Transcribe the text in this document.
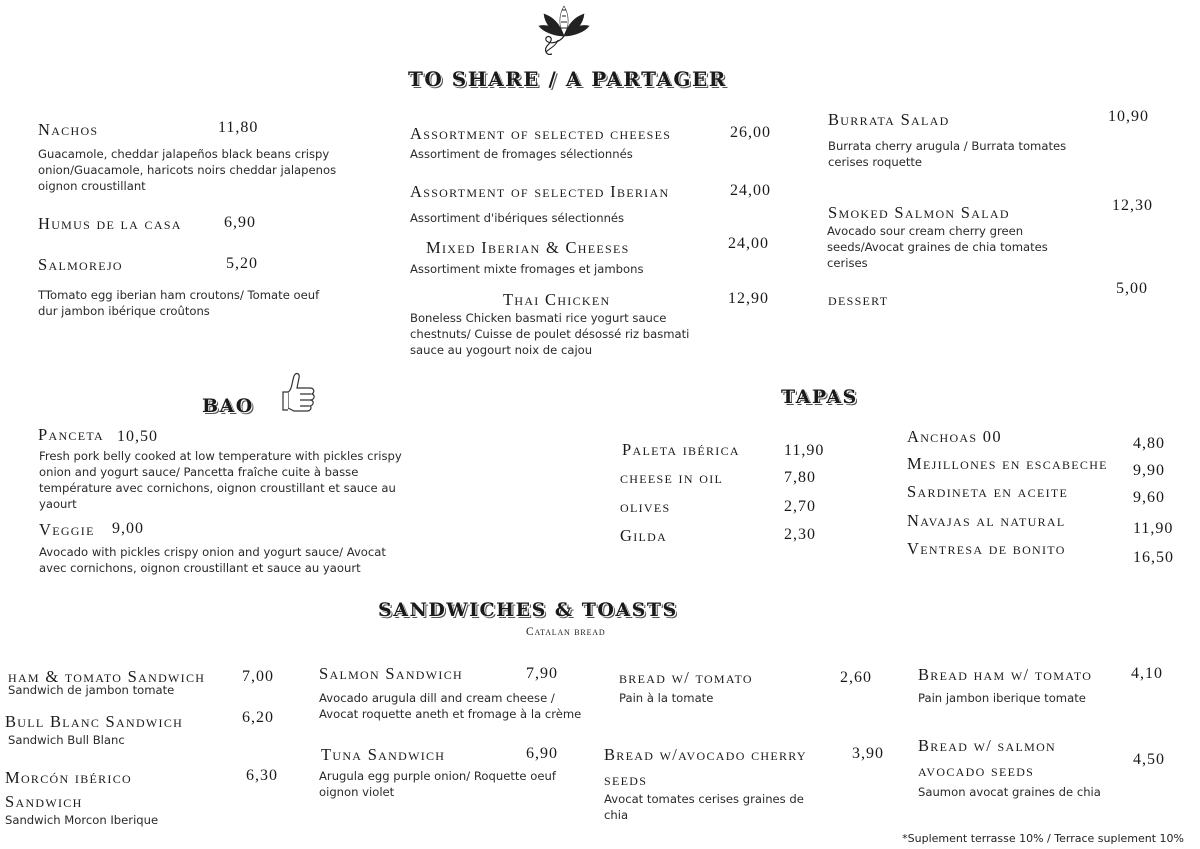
TO SHARE / A PARTAGER
Nachos	11,80
Guacamole, cheddar jalapeños black beans crispy onion/Guacamole, haricots noirs cheddar jalapenos oignon croustillant
Humus de la casa	6,90
Salmorejo	5,20
TTomato egg iberian ham croutons/ Tomate oeuf dur jambon ibérique croûtons
Assortment of selected cheeses	26,00
Assortiment de fromages sélectionnés
Assortment of selected Iberian	24,00
Assortiment d'ibériques sélectionnés
Mixed Iberian & Cheeses	24,00
Assortiment mixte fromages et jambons
Thai Chicken	12,90
Boneless Chicken basmati rice yogurt sauce chestnuts/ Cuisse de poulet désossé riz basmati sauce au yogourt noix de cajou
Burrata Salad	10,90
Burrata cherry arugula / Burrata tomates cerises roquette
Smoked Salmon Salad	12,30
Avocado sour cream cherry green seeds/Avocat graines de chia tomates cerises
dessert
5,00
BAO
Panceta 10,50
Fresh pork belly cooked at low temperature with pickles crispy onion and yogurt sauce/ Pancetta fraîche cuite à basse température avec cornichons, oignon croustillant et sauce au yaourt
Veggie 9,00
Avocado with pickles crispy onion and yogurt sauce/ Avocat avec cornichons, oignon croustillant et sauce au yaourt
TAPAS
Paleta ibérica	11,90
cheese in oil	7,80
olives	2,70
Gilda	2,30
Anchoas 00	4,80
Mejillones en escabeche 9,90
Sardineta en aceite	9,60
Navajas al natural	11,90
Ventresa de bonito	16,50
SANDWICHES & TOASTS
Catalan bread
ham & tomato Sandwich 7,00
Sandwich de jambon tomate
Bull Blanc Sandwich	6,20
Sandwich Bull Blanc
Morcón ibérico
Sandwich
6,30
Sandwich Morcon Iberique
Salmon Sandwich	7,90
Avocado arugula dill and cream cheese / Avocat roquette aneth et fromage à la crème
Tuna Sandwich	6,90
Arugula egg purple onion/ Roquette oeuf oignon violet
bread w/ tomato	2,60
Pain à la tomate
Bread w/avocado cherry
seeds
3,90
Avocat tomates cerises graines de chia
Bread ham w/ tomato 4,10
Pain jambon iberique tomate
Bread w/ salmon
avocado seeds
4,50
Saumon avocat graines de chia
*Suplement terrasse 10% / Terrace suplement 10%
